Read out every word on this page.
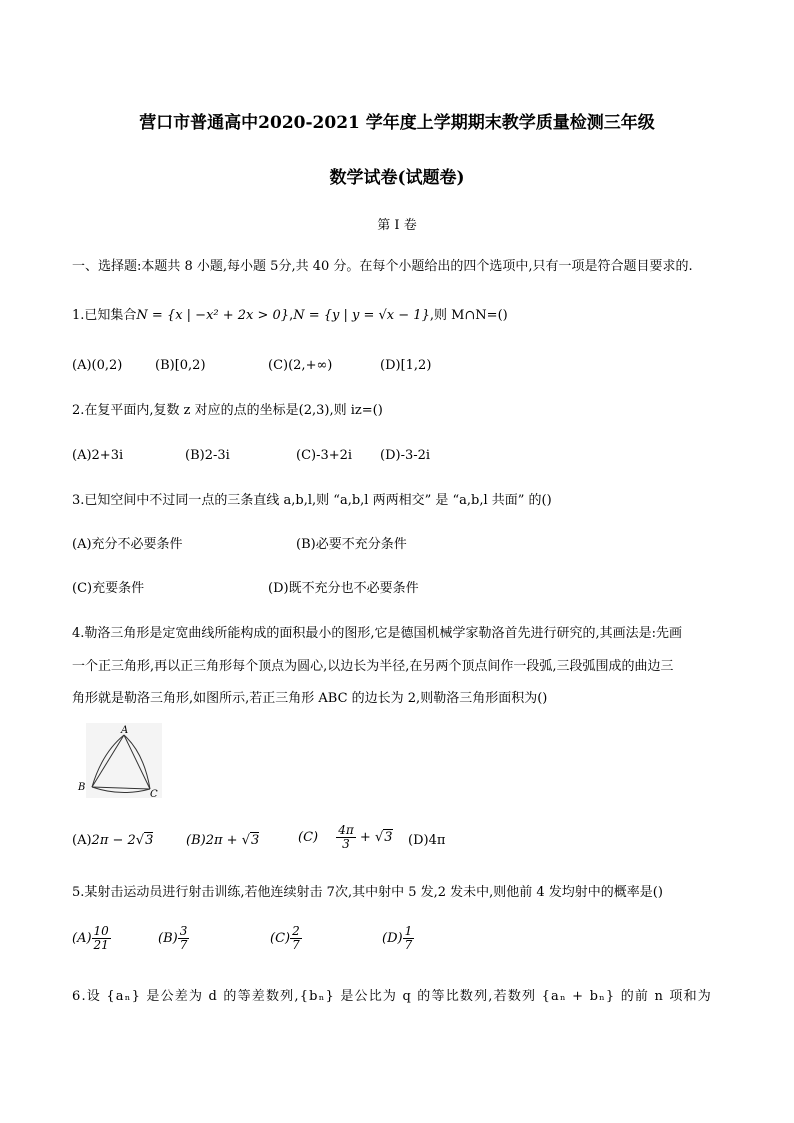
营口市普通高中2020-2021 学年度上学期期末教学质量检测三年级
数学试卷(试题卷)
第 I 卷
一、选择题:本题共 8 小题,每小题 5分,共 40 分。在每个小题给出的四个选项中,只有一项是符合题目要求的.
1.已知集合N = {x | −x² + 2x > 0},N = {y | y = √x − 1},则 M∩N=()
(A)(0,2)	(B)[0,2)	(C)(2,+∞)	(D)[1,2)
2.在复平面内,复数 z 对应的点的坐标是(2,3),则 iz=()
(A)2+3i	(B)2-3i	(C)-3+2i (D)-3-2i
3.已知空间中不过同一点的三条直线 a,b,l,则 “a,b,l 两两相交” 是 “a,b,l 共面” 的()
(A)充分不必要条件	(B)必要不充分条件
(C)充要条件	(D)既不充分也不必要条件
4.勒洛三角形是定宽曲线所能构成的面积最小的图形,它是德国机械学家勒洛首先进行研究的,其画法是:先画
一个正三角形,再以正三角形每个顶点为圆心,以边长为半径,在另两个顶点间作一段弧,三段弧围成的曲边三
角形就是勒洛三角形,如图所示,若正三角形 ABC 的边长为 2,则勒洛三角形面积为()
A
B
C
(A)2π − 2√3	(B)2π + √3	$(C) \frac{4\pi}{3} + √3$ (D)4π
5.某射击运动员进行射击训练,若他连续射击 7次,其中射中 5 发,2 发未中,则他前 4 发均射中的概率是()
$(A) \frac{10}{21}$	$(B) \frac{3}{7}$	$(C) \frac{2}{7}$	$(D) \frac{1}{7}$
6.设 {aₙ} 是公差为 d 的等差数列,{bₙ} 是公比为 q 的等比数列,若数列 {aₙ + bₙ} 的前 n 项和为
